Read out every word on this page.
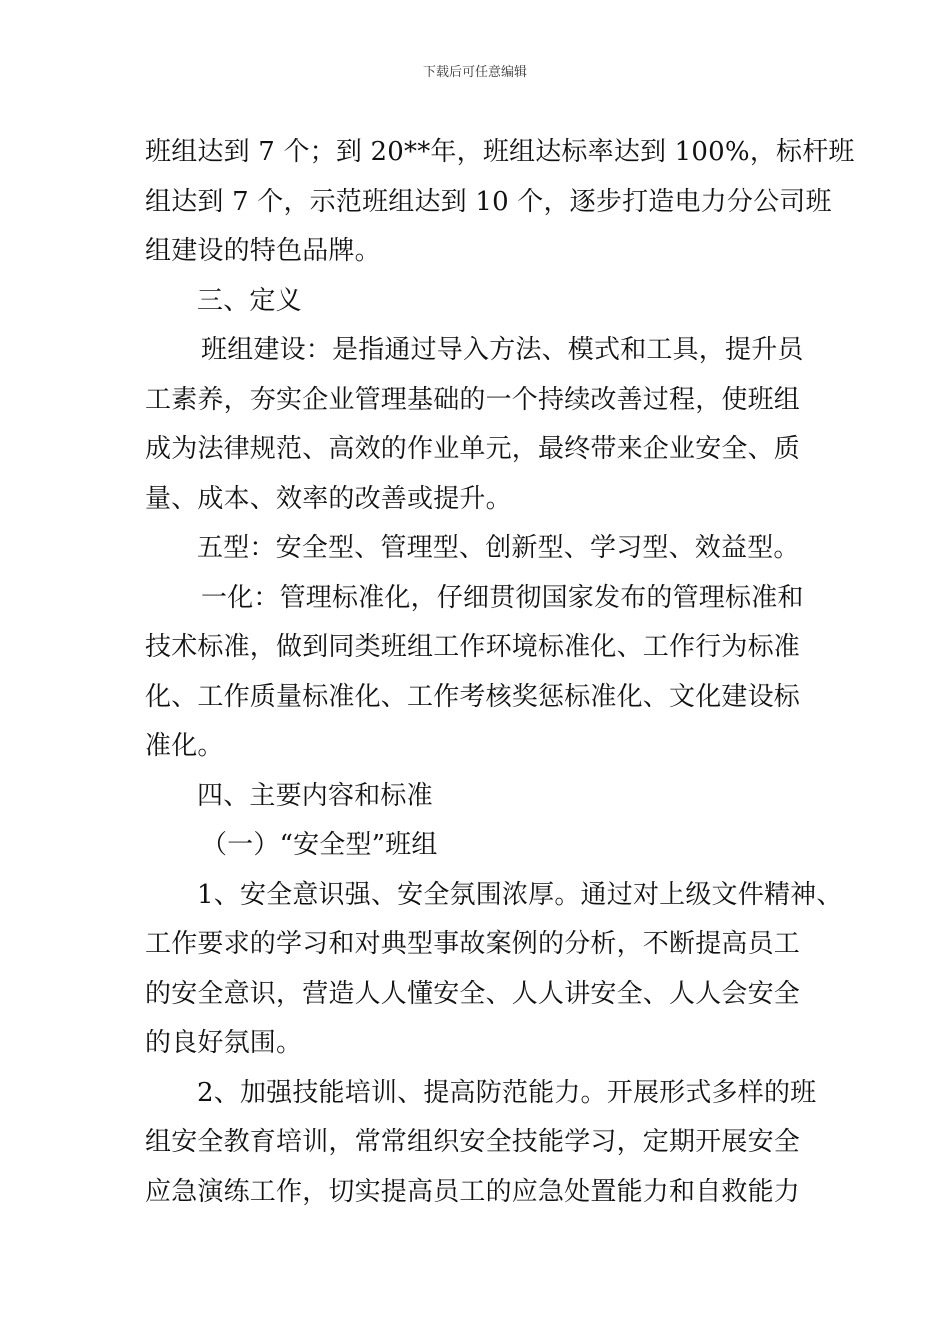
下载后可任意编辑
班组达到 7 个；到 20**年，班组达标率达到 100%，标杆班
组达到 7 个，示范班组达到 10 个，逐步打造电力分公司班
组建设的特色品牌。
三、定义
班组建设：是指通过导入方法、模式和工具，提升员
工素养，夯实企业管理基础的一个持续改善过程，使班组
成为法律规范、高效的作业单元，最终带来企业安全、质
量、成本、效率的改善或提升。
五型：安全型、管理型、创新型、学习型、效益型。
一化：管理标准化，仔细贯彻国家发布的管理标准和
技术标准，做到同类班组工作环境标准化、工作行为标准
化、工作质量标准化、工作考核奖惩标准化、文化建设标
准化。
四、主要内容和标准
（一）“安全型”班组
1、安全意识强、安全氛围浓厚。通过对上级文件精神、
工作要求的学习和对典型事故案例的分析，不断提高员工
的安全意识，营造人人懂安全、人人讲安全、人人会安全
的良好氛围。
2、加强技能培训、提高防范能力。开展形式多样的班
组安全教育培训，常常组织安全技能学习，定期开展安全
应急演练工作，切实提高员工的应急处置能力和自救能力
